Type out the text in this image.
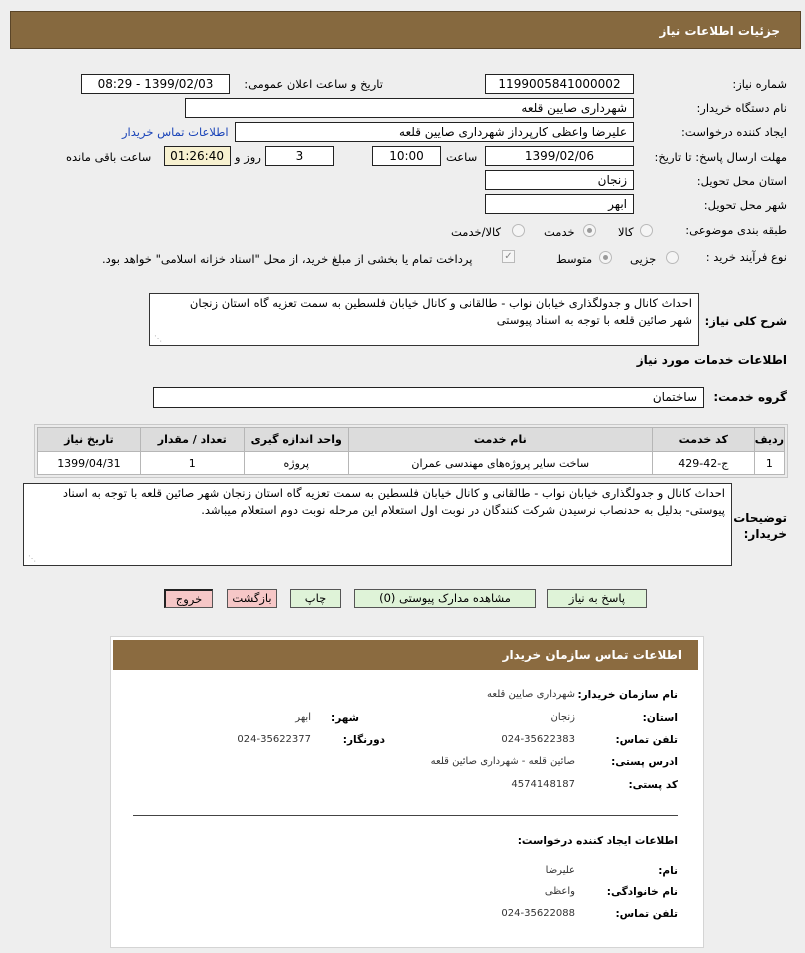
جزئیات اطلاعات نیاز
شماره نیاز:
1199005841000002
تاریخ و ساعت اعلان عمومی:
1399/02/03 - 08:29
نام دستگاه خریدار:
شهرداری صایین قلعه
ایجاد کننده درخواست:
علیرضا واعظی کارپرداز شهرداری صایین قلعه
اطلاعات تماس خریدار
مهلت ارسال پاسخ: تا تاریخ:
1399/02/06
ساعت
10:00
3
روز و
01:26:40
ساعت باقی مانده
استان محل تحویل:
زنجان
شهر محل تحویل:
ابهر
طبقه بندی موضوعی:
کالا
خدمت
کالا/خدمت
نوع فرآیند خرید :
جزیی
متوسط
✓
پرداخت تمام یا بخشی از مبلغ خرید، از محل "اسناد خزانه اسلامی" خواهد بود.
شرح کلی نیاز:
احداث کانال و جدولگذاری خیابان نواب - طالقانی و کانال خیابان فلسطین به سمت تعزیه گاه استان زنجان
شهر صائین قلعه با توجه به اسناد پیوستی
⋰
اطلاعات خدمات مورد نیاز
گروه خدمت:
ساختمان
ردیف	کد خدمت	نام خدمت	واحد اندازه گیری	تعداد / مقدار	تاریخ نیاز
1	ج-42-429	ساخت سایر پروژه‌های مهندسی عمران	پروژه	1	1399/04/31
توضیحات خریدار:
احداث کانال و جدولگذاری خیابان نواب - طالقانی و کانال خیابان فلسطین به سمت تعزیه گاه استان زنجان شهر صائین قلعه با توجه به اسناد
پیوستی- بدلیل به حدنصاب نرسیدن شرکت کنندگان در نوبت اول استعلام این مرحله نوبت دوم استعلام میباشد.
⋰
پاسخ به نیاز
مشاهده مدارک پیوستی (0)
چاپ
بازگشت
خروج
اطلاعات تماس سازمان خریدار
نام سازمان خریدار:
شهرداری صایین قلعه
استان:
زنجان
شهر:
ابهر
تلفن تماس:
024-35622383
دورنگار:
024-35622377
ادرس پستی:
صائین قلعه - شهرداری صائین قلعه
کد پستی:
4574148187
اطلاعات ایجاد کننده درخواست:
نام:
علیرضا
نام خانوادگی:
واعظی
تلفن تماس:
024-35622088
